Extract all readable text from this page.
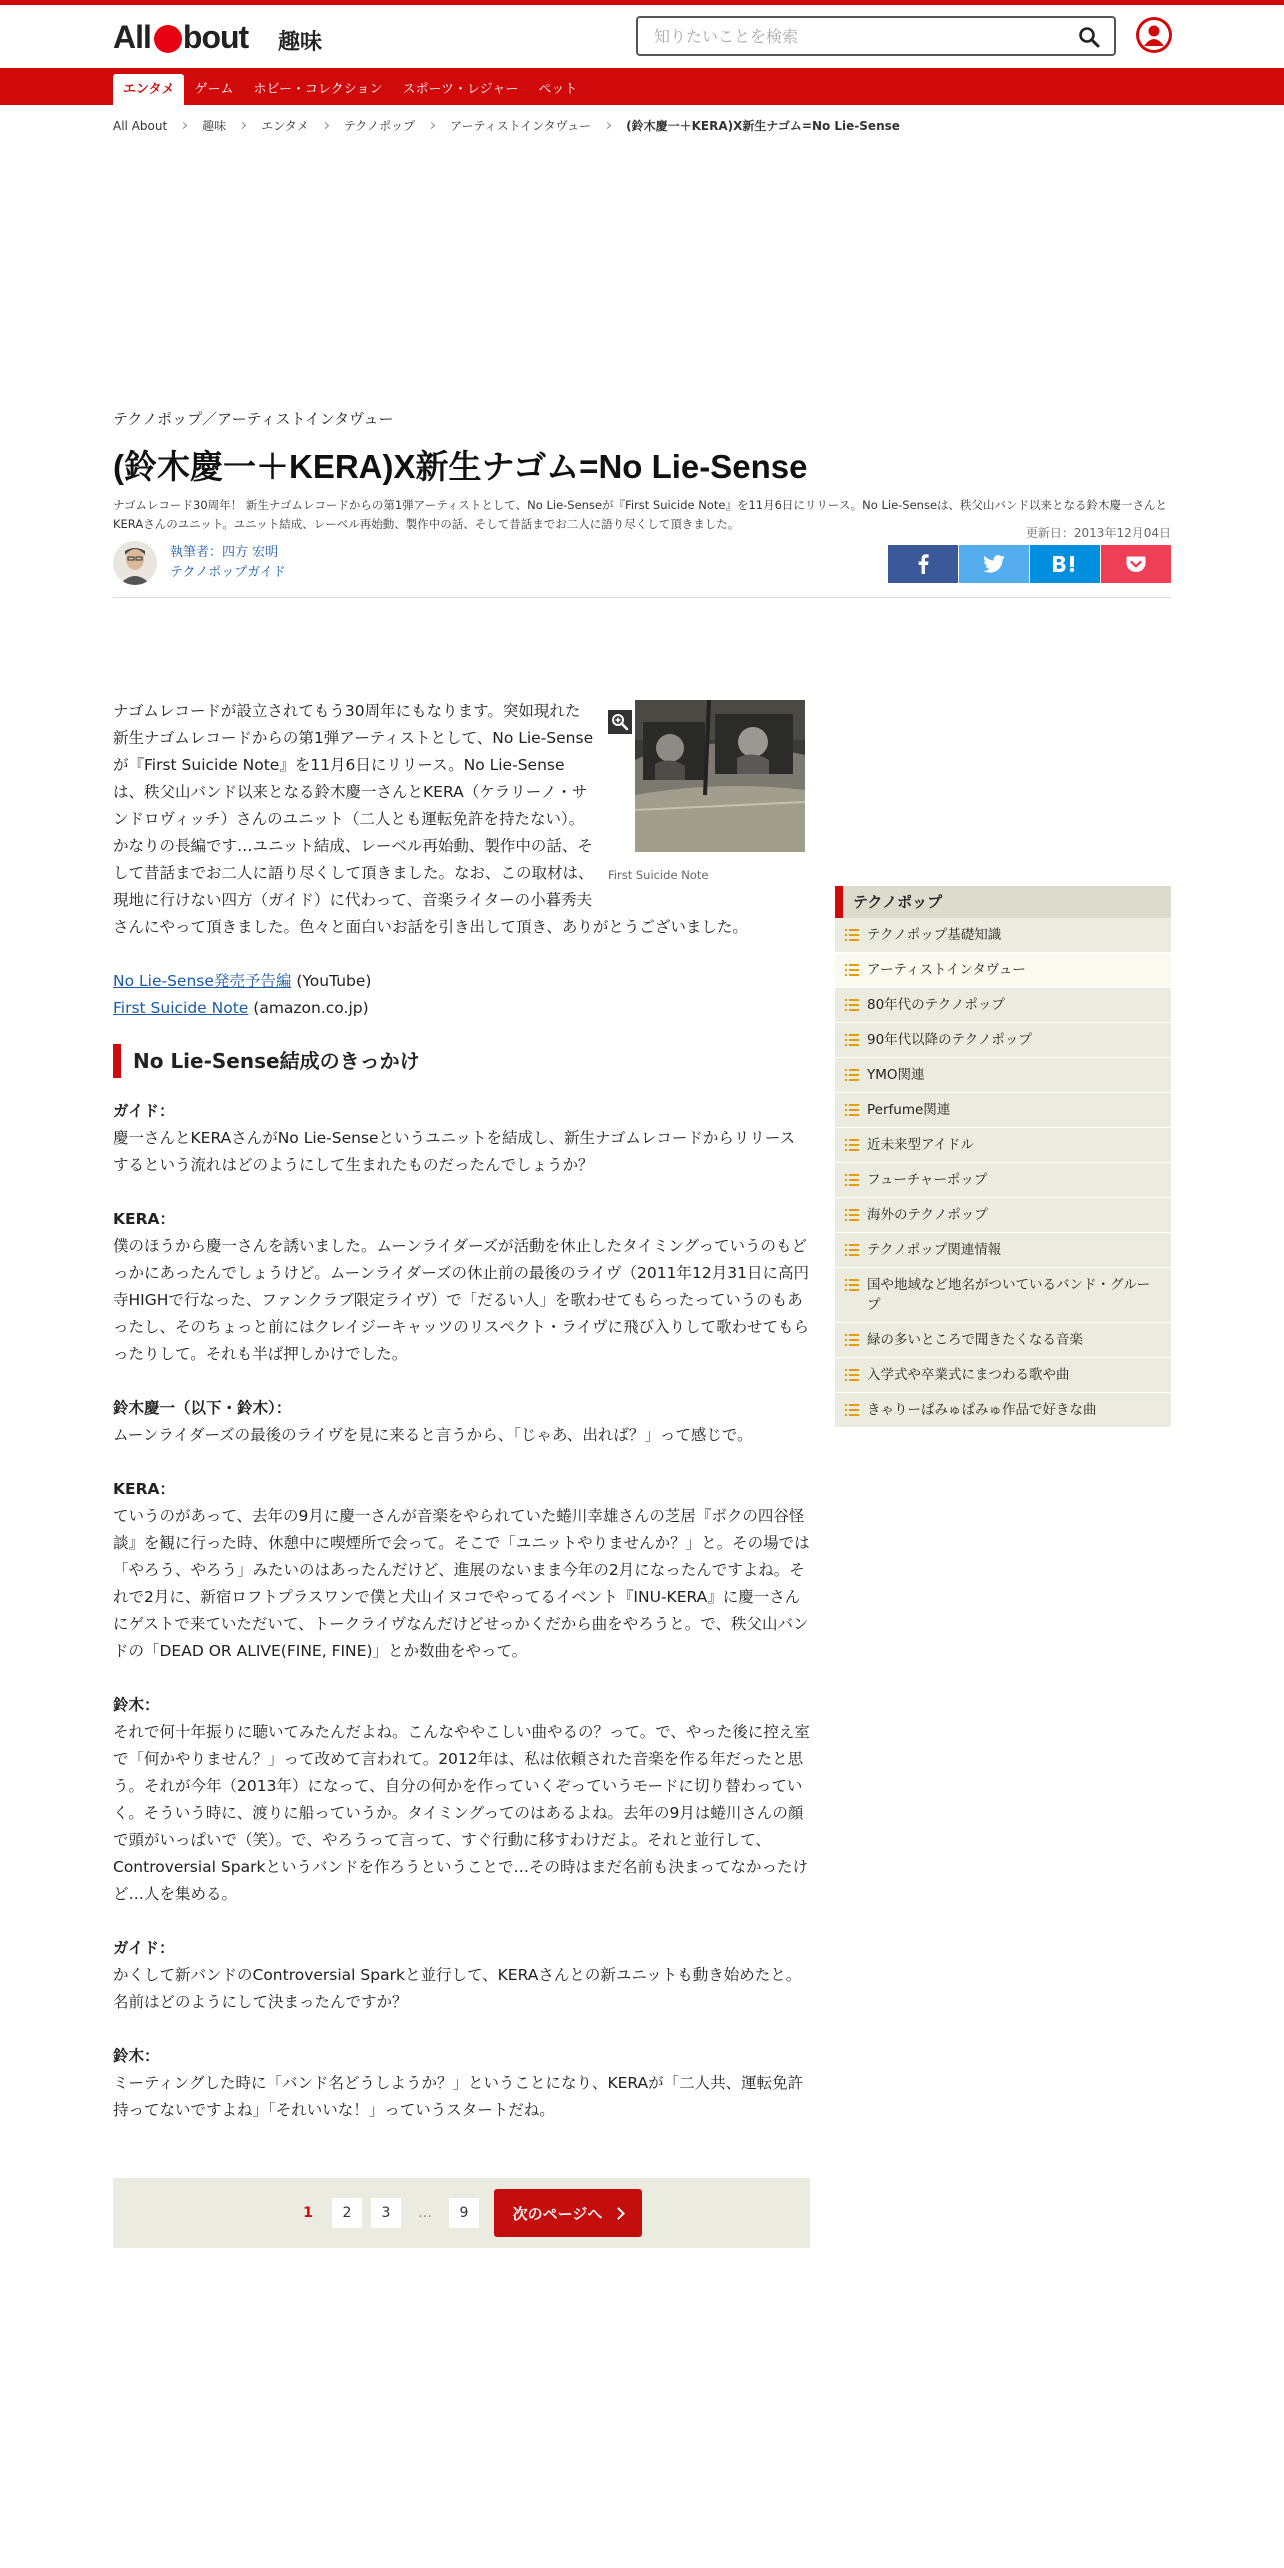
All bout 趣味
知りたいことを検索
エンタメ	ゲーム	ホビー・コレクション	スポーツ・レジャー	ペット
All About	趣味	エンタメ	テクノポップ	アーティストインタヴュー	(鈴木慶一＋KERA)X新生ナゴム=No Lie-Sense
テクノポップ／アーティストインタヴュー
(鈴木慶一＋KERA)X新生ナゴム=No Lie-Sense

ナゴムレコード30周年！ 新生ナゴムレコードからの第1弾アーティストとして、No Lie-Senseが『First Suicide Note』を11月6日にリリース。No Lie-Senseは、秩父山バンド以来となる鈴木慶一さんとKERAさんのユニット。ユニット結成、レーベル再始動、製作中の話、そして昔話までお二人に語り尽くして頂きました。

更新日：2013年12月04日
執筆者：四方 宏明
テクノポップガイド
First Suicide Note

ナゴムレコードが設立されてもう30周年にもなります。突如現れた新生ナゴムレコードからの第1弾アーティストとして、No Lie-Senseが『First Suicide Note』を11月6日にリリース。No Lie-Senseは、秩父山バンド以来となる鈴木慶一さんとKERA（ケラリーノ・サンドロヴィッチ）さんのユニット（二人とも運転免許を持たない）。かなりの長編です…ユニット結成、レーベル再始動、製作中の話、そして昔話までお二人に語り尽くして頂きました。なお、この取材は、現地に行けない四方（ガイド）に代わって、音楽ライターの小暮秀夫さんにやって頂きました。色々と面白いお話を引き出して頂き、ありがとうございました。

No Lie-Sense発売予告編 (YouTube)

First Suicide Note (amazon.co.jp)

No Lie-Sense結成のきっかけ

ガイド：
慶一さんとKERAさんがNo Lie-Senseというユニットを結成し、新生ナゴムレコードからリリースするという流れはどのようにして生まれたものだったんでしょうか？

KERA：
僕のほうから慶一さんを誘いました。ムーンライダーズが活動を休止したタイミングっていうのもどっかにあったんでしょうけど。ムーンライダーズの休止前の最後のライヴ（2011年12月31日に高円寺HIGHで行なった、ファンクラブ限定ライヴ）で「だるい人」を歌わせてもらったっていうのもあったし、そのちょっと前にはクレイジーキャッツのリスペクト・ライヴに飛び入りして歌わせてもらったりして。それも半ば押しかけでした。

鈴木慶一（以下・鈴木）：
ムーンライダーズの最後のライヴを見に来ると言うから、「じゃあ、出れば？」って感じで。

KERA：
ていうのがあって、去年の9月に慶一さんが音楽をやられていた蜷川幸雄さんの芝居『ボクの四谷怪談』を観に行った時、休憩中に喫煙所で会って。そこで「ユニットやりませんか？」と。その場では「やろう、やろう」みたいのはあったんだけど、進展のないまま今年の2月になったんですよね。それで2月に、新宿ロフトプラスワンで僕と犬山イヌコでやってるイベント『INU-KERA』に慶一さんにゲストで来ていただいて、トークライヴなんだけどせっかくだから曲をやろうと。で、秩父山バンドの「DEAD OR ALIVE(FINE, FINE)」とか数曲をやって。

鈴木：
それで何十年振りに聴いてみたんだよね。こんなややこしい曲やるの？って。で、やった後に控え室で「何かやりません？」って改めて言われて。2012年は、私は依頼された音楽を作る年だったと思う。それが今年（2013年）になって、自分の何かを作っていくぞっていうモードに切り替わっていく。そういう時に、渡りに船っていうか。タイミングってのはあるよね。去年の9月は蜷川さんの顔で頭がいっぱいで（笑）。で、やろうって言って、すぐ行動に移すわけだよ。それと並行して、Controversial Sparkというバンドを作ろうということで…その時はまだ名前も決まってなかったけど…人を集める。

ガイド：
かくして新バンドのControversial Sparkと並行して、KERAさんとの新ユニットも動き始めたと。名前はどのようにして決まったんですか？

鈴木：
ミーティングした時に「バンド名どうしようか？」ということになり、KERAが「二人共、運転免許持ってないですよね」「それいいな！」っていうスタートだね。

1	2	3	…	9	次のページへ
テクノポップ
テクノポップ基礎知識
アーティストインタヴュー
80年代のテクノポップ
90年代以降のテクノポップ
YMO関連
Perfume関連
近未来型アイドル
フューチャーポップ
海外のテクノポップ
テクノポップ関連情報
国や地域など地名がついているバンド・グループ
緑の多いところで聞きたくなる音楽
入学式や卒業式にまつわる歌や曲
きゃりーぱみゅぱみゅ作品で好きな曲
